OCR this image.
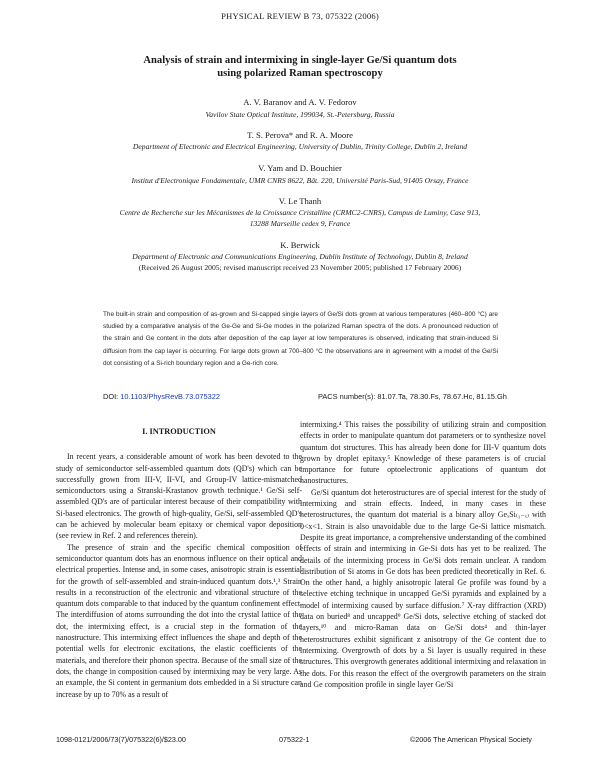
PHYSICAL REVIEW B 73, 075322 (2006)
Analysis of strain and intermixing in single-layer Ge/Si quantum dots
using polarized Raman spectroscopy
A. V. Baranov and A. V. Fedorov
Vavilov State Optical Institute, 199034, St.-Petersburg, Russia
T. S. Perova* and R. A. Moore
Department of Electronic and Electrical Engineering, University of Dublin, Trinity College, Dublin 2, Ireland
V. Yam and D. Bouchier
Institut d'Electronique Fondamentale, UMR CNRS 8622, Bât. 220, Université Paris-Sud, 91405 Orsay, France
V. Le Thanh
Centre de Recherche sur les Mécanismes de la Croissance Cristalline (CRMC2-CNRS), Campus de Luminy, Case 913,
13288 Marseille cedex 9, France
K. Berwick
Department of Electronic and Communications Engineering, Dublin Institute of Technology, Dublin 8, Ireland
(Received 26 August 2005; revised manuscript received 23 November 2005; published 17 February 2006)
The built-in strain and composition of as-grown and Si-capped single layers of Ge/Si dots grown at various temperatures (460–800 °C) are studied by a comparative analysis of the Ge-Ge and Si-Ge modes in the polarized Raman spectra of the dots. A pronounced reduction of the strain and Ge content in the dots after deposition of the cap layer at low temperatures is observed, indicating that strain-induced Si diffusion from the cap layer is occurring. For large dots grown at 700–800 °C the observations are in agreement with a model of the Ge/Si dot consisting of a Si-rich boundary region and a Ge-rich core.
DOI: 10.1103/PhysRevB.73.075322	PACS number(s): 81.07.Ta, 78.30.Fs, 78.67.Hc, 81.15.Gh

I. INTRODUCTION

In recent years, a considerable amount of work has been devoted to the study of semiconductor self-assembled quantum dots (QD's) which can be successfully grown from III-V, II-VI, and Group-IV lattice-mismatched semiconductors using a Stranski-Krastanov growth technique.¹ Ge/Si self-assembled QD's are of particular interest because of their compatibility with Si-based electronics. The growth of high-quality, Ge/Si, self-assembled QD's can be achieved by molecular beam epitaxy or chemical vapor deposition (see review in Ref. 2 and references therein).

The presence of strain and the specific chemical composition of semiconductor quantum dots has an enormous influence on their optical and electrical properties. Intense and, in some cases, anisotropic strain is essential for the growth of self-assembled and strain-induced quantum dots.¹,³ Strain results in a reconstruction of the electronic and vibrational structure of the quantum dots comparable to that induced by the quantum confinement effect. The interdiffusion of atoms surrounding the dot into the crystal lattice of the dot, the intermixing effect, is a crucial step in the formation of the nanostructure. This intermixing effect influences the shape and depth of the potential wells for electronic excitations, the elastic coefficients of the materials, and therefore their phonon spectra. Because of the small size of the dots, the change in composition caused by intermixing may be very large. As an example, the Si content in germanium dots embedded in a Si structure can increase by up to 70% as a result of

intermixing.⁴ This raises the possibility of utilizing strain and composition effects in order to manipulate quantum dot parameters or to synthesize novel quantum dot structures. This has already been done for III-V quantum dots grown by droplet epitaxy.⁵ Knowledge of these parameters is of crucial importance for future optoelectronic applications of quantum dot nanostructures.

Ge/Si quantum dot heterostructures are of special interest for the study of intermixing and strain effects. Indeed, in many cases in these heterostructures, the quantum dot material is a binary alloy GeₓSi₍₁₋ₓ₎ with 0<x<1. Strain is also unavoidable due to the large Ge-Si lattice mismatch. Despite its great importance, a comprehensive understanding of the combined effects of strain and intermixing in Ge-Si dots has yet to be realized. The details of the intermixing process in Ge/Si dots remain unclear. A random distribution of Si atoms in Ge dots has been predicted theoretically in Ref. 6. On the other hand, a highly anisotropic lateral Ge profile was found by a selective etching technique in uncapped Ge/Si pyramids and explained by a model of intermixing caused by surface diffusion.⁷ X-ray diffraction (XRD) data on buried⁸ and uncapped⁹ Ge/Si dots, selective etching of stacked dot layers,¹⁰ and micro-Raman data on Ge/Si dots⁴ and thin-layer heterostructures exhibit significant z anisotropy of the Ge content due to intermixing. Overgrowth of dots by a Si layer is usually required in these structures. This overgrowth generates additional intermixing and relaxation in the dots. For this reason the effect of the overgrowth parameters on the strain and Ge composition profile in single layer Ge/Si

1098-0121/2006/73(7)/075322(6)/$23.00	075322-1	©2006 The American Physical Society
